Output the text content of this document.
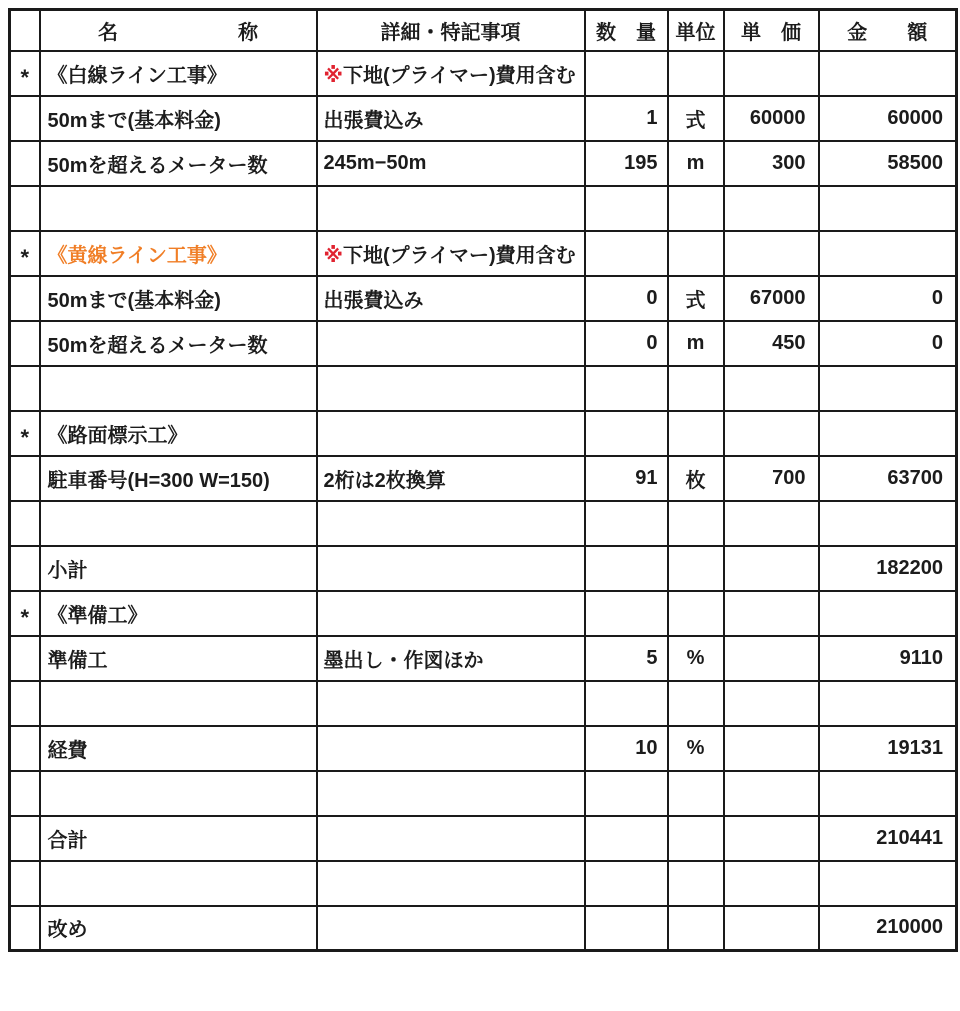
	名　　　　　　称	詳細・特記事項	数　量	単位	単　価	金　　額
*	《白線ライン工事》	※下地(プライマー)費用含む				
	50mまで(基本料金)	出張費込み	1	式	60000	60000
	50mを超えるメーター数	245m−50m	195	m	300	58500

*	《黄線ライン工事》	※下地(プライマー)費用含む				
	50mまで(基本料金)	出張費込み	0	式	67000	0
	50mを超えるメーター数		0	m	450	0

*	《路面標示工》					
	駐車番号(H=300 W=150)	2桁は2枚換算	91	枚	700	63700

	小計					182200
*	《準備工》					
	準備工	墨出し・作図ほか	5	%		9110

	経費		10	%		19131

	合計					210441

	改め					210000
